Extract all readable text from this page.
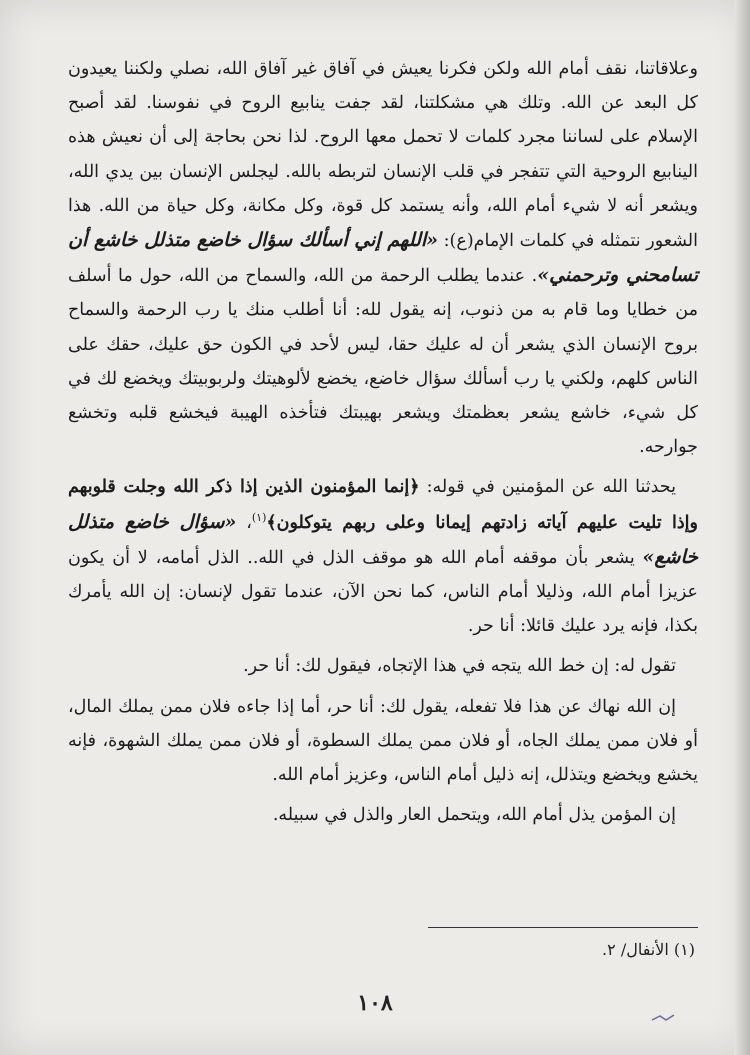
وعلاقاتنا، نقف أمام الله ولكن فكرنا يعيش في آفاق غير آفاق الله، نصلي ولكننا يعيدون كل البعد عن الله. وتلك هي مشكلتنا، لقد جفت ينابيع الروح في نفوسنا. لقد أصبح الإسلام على لساننا مجرد كلمات لا تحمل معها الروح. لذا نحن بحاجة إلى أن نعيش هذه الينابيع الروحية التي تتفجر في قلب الإنسان لتربطه بالله. ليجلس الإنسان بين يدي الله، ويشعر أنه لا شيء أمام الله، وأنه يستمد كل قوة، وكل مكانة، وكل حياة من الله. هذا الشعور نتمثله في كلمات الإمام(ع): «اللهم إني أسألك سؤال خاضع متذلل خاشع أن تسامحني وترحمني». عندما يطلب الرحمة من الله، والسماح من الله، حول ما أسلف من خطايا وما قام به من ذنوب، إنه يقول لله: أنا أطلب منك يا رب الرحمة والسماح بروح الإنسان الذي يشعر أن له عليك حقا، ليس لأحد في الكون حق عليك، حقك على الناس كلهم، ولكني يا رب أسألك سؤال خاضع، يخضع لألوهيتك ولربوبيتك ويخضع لك في كل شيء، خاشع يشعر بعظمتك ويشعر بهيبتك فتأخذه الهيبة فيخشع قلبه وتخشع جوارحه.

يحدثنا الله عن المؤمنين في قوله: ﴿إنما المؤمنون الذين إذا ذكر الله وجلت قلوبهم وإذا تليت عليهم آياته زادتهم إيمانا وعلى ربهم يتوكلون﴾$^{(١)}$، «سؤال خاضع متذلل خاشع» يشعر بأن موقفه أمام الله هو موقف الذل في الله.. الذل أمامه، لا أن يكون عزيزا أمام الله، وذليلا أمام الناس، كما نحن الآن، عندما تقول لإنسان: إن الله يأمرك بكذا، فإنه يرد عليك قائلا: أنا حر.

تقول له: إن خط الله يتجه في هذا الإتجاه، فيقول لك: أنا حر.

إن الله نهاك عن هذا فلا تفعله، يقول لك: أنا حر، أما إذا جاءه فلان ممن يملك المال، أو فلان ممن يملك الجاه، أو فلان ممن يملك السطوة، أو فلان ممن يملك الشهوة، فإنه يخشع ويخضع ويتذلل، إنه ذليل أمام الناس، وعزيز أمام الله.

إن المؤمن يذل أمام الله، ويتحمل العار والذل في سبيله.

(١) الأنفال/ ٢.
١٠٨
